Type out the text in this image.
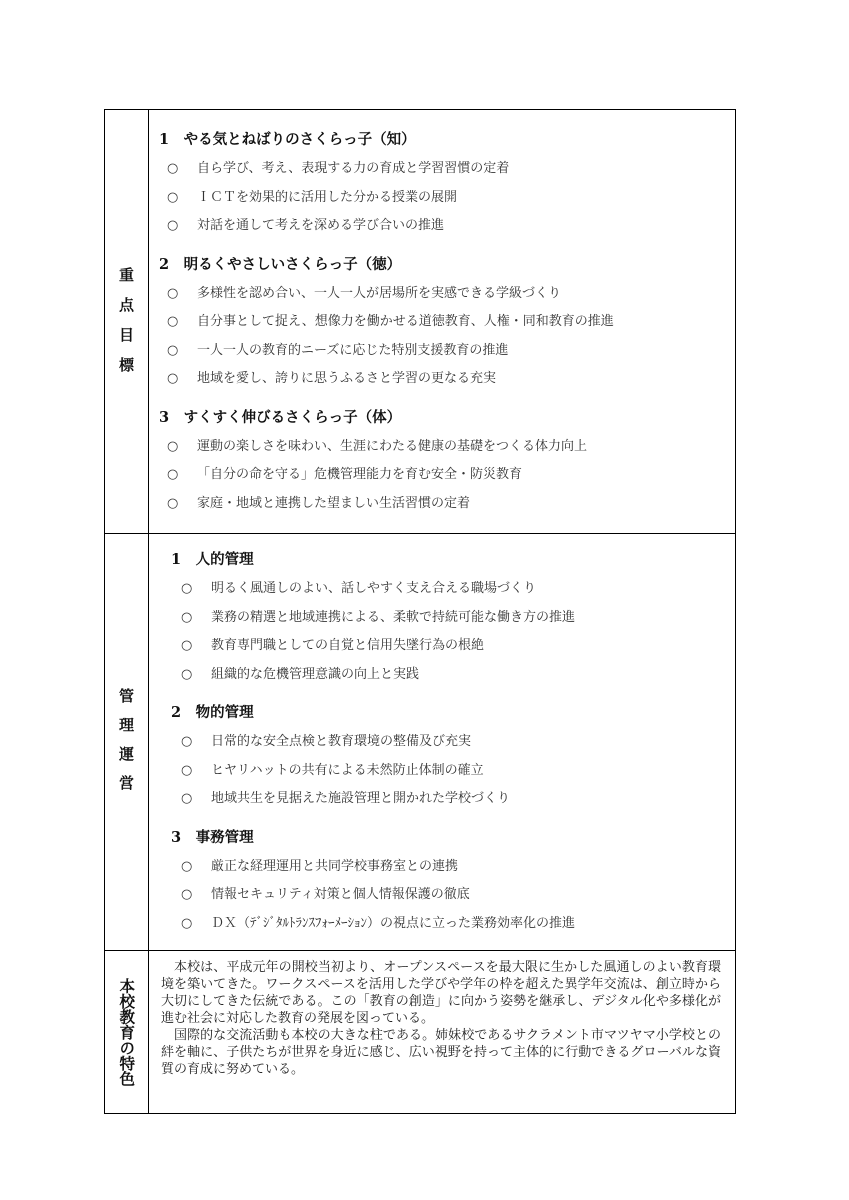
重点目標
1　やる気とねばりのさくらっ子（知）
○ 自ら学び、考え、表現する力の育成と学習習慣の定着
○ ＩＣＴを効果的に活用した分かる授業の展開
○ 対話を通して考えを深める学び合いの推進
2　明るくやさしいさくらっ子（徳）
○ 多様性を認め合い、一人一人が居場所を実感できる学級づくり
○ 自分事として捉え、想像力を働かせる道徳教育、人権・同和教育の推進
○ 一人一人の教育的ニーズに応じた特別支援教育の推進
○ 地域を愛し、誇りに思うふるさと学習の更なる充実
3　すくすく伸びるさくらっ子（体）
○ 運動の楽しさを味わい、生涯にわたる健康の基礎をつくる体力向上
○ 「自分の命を守る」危機管理能力を育む安全・防災教育
○ 家庭・地域と連携した望ましい生活習慣の定着
管理運営
1　人的管理
○ 明るく風通しのよい、話しやすく支え合える職場づくり
○ 業務の精選と地域連携による、柔軟で持続可能な働き方の推進
○ 教育専門職としての自覚と信用失墜行為の根絶
○ 組織的な危機管理意識の向上と実践
2　物的管理
○ 日常的な安全点検と教育環境の整備及び充実
○ ヒヤリハットの共有による未然防止体制の確立
○ 地域共生を見据えた施設管理と開かれた学校づくり
3　事務管理
○ 厳正な経理運用と共同学校事務室との連携
○ 情報セキュリティ対策と個人情報保護の徹底
○ ＤＸ（ﾃﾞｼﾞﾀﾙﾄﾗﾝｽﾌｫｰﾒｰｼｮﾝ）の視点に立った業務効率化の推進
本校教育の特色

本校は、平成元年の開校当初より、オープンスペースを最大限に生かした風通しのよい教育環境を築いてきた。ワークスペースを活用した学びや学年の枠を超えた異学年交流は、創立時から大切にしてきた伝統である。この「教育の創造」に向かう姿勢を継承し、デジタル化や多様化が進む社会に対応した教育の発展を図っている。

国際的な交流活動も本校の大きな柱である。姉妹校であるサクラメント市マツヤマ小学校との絆を軸に、子供たちが世界を身近に感じ、広い視野を持って主体的に行動できるグローバルな資質の育成に努めている。
